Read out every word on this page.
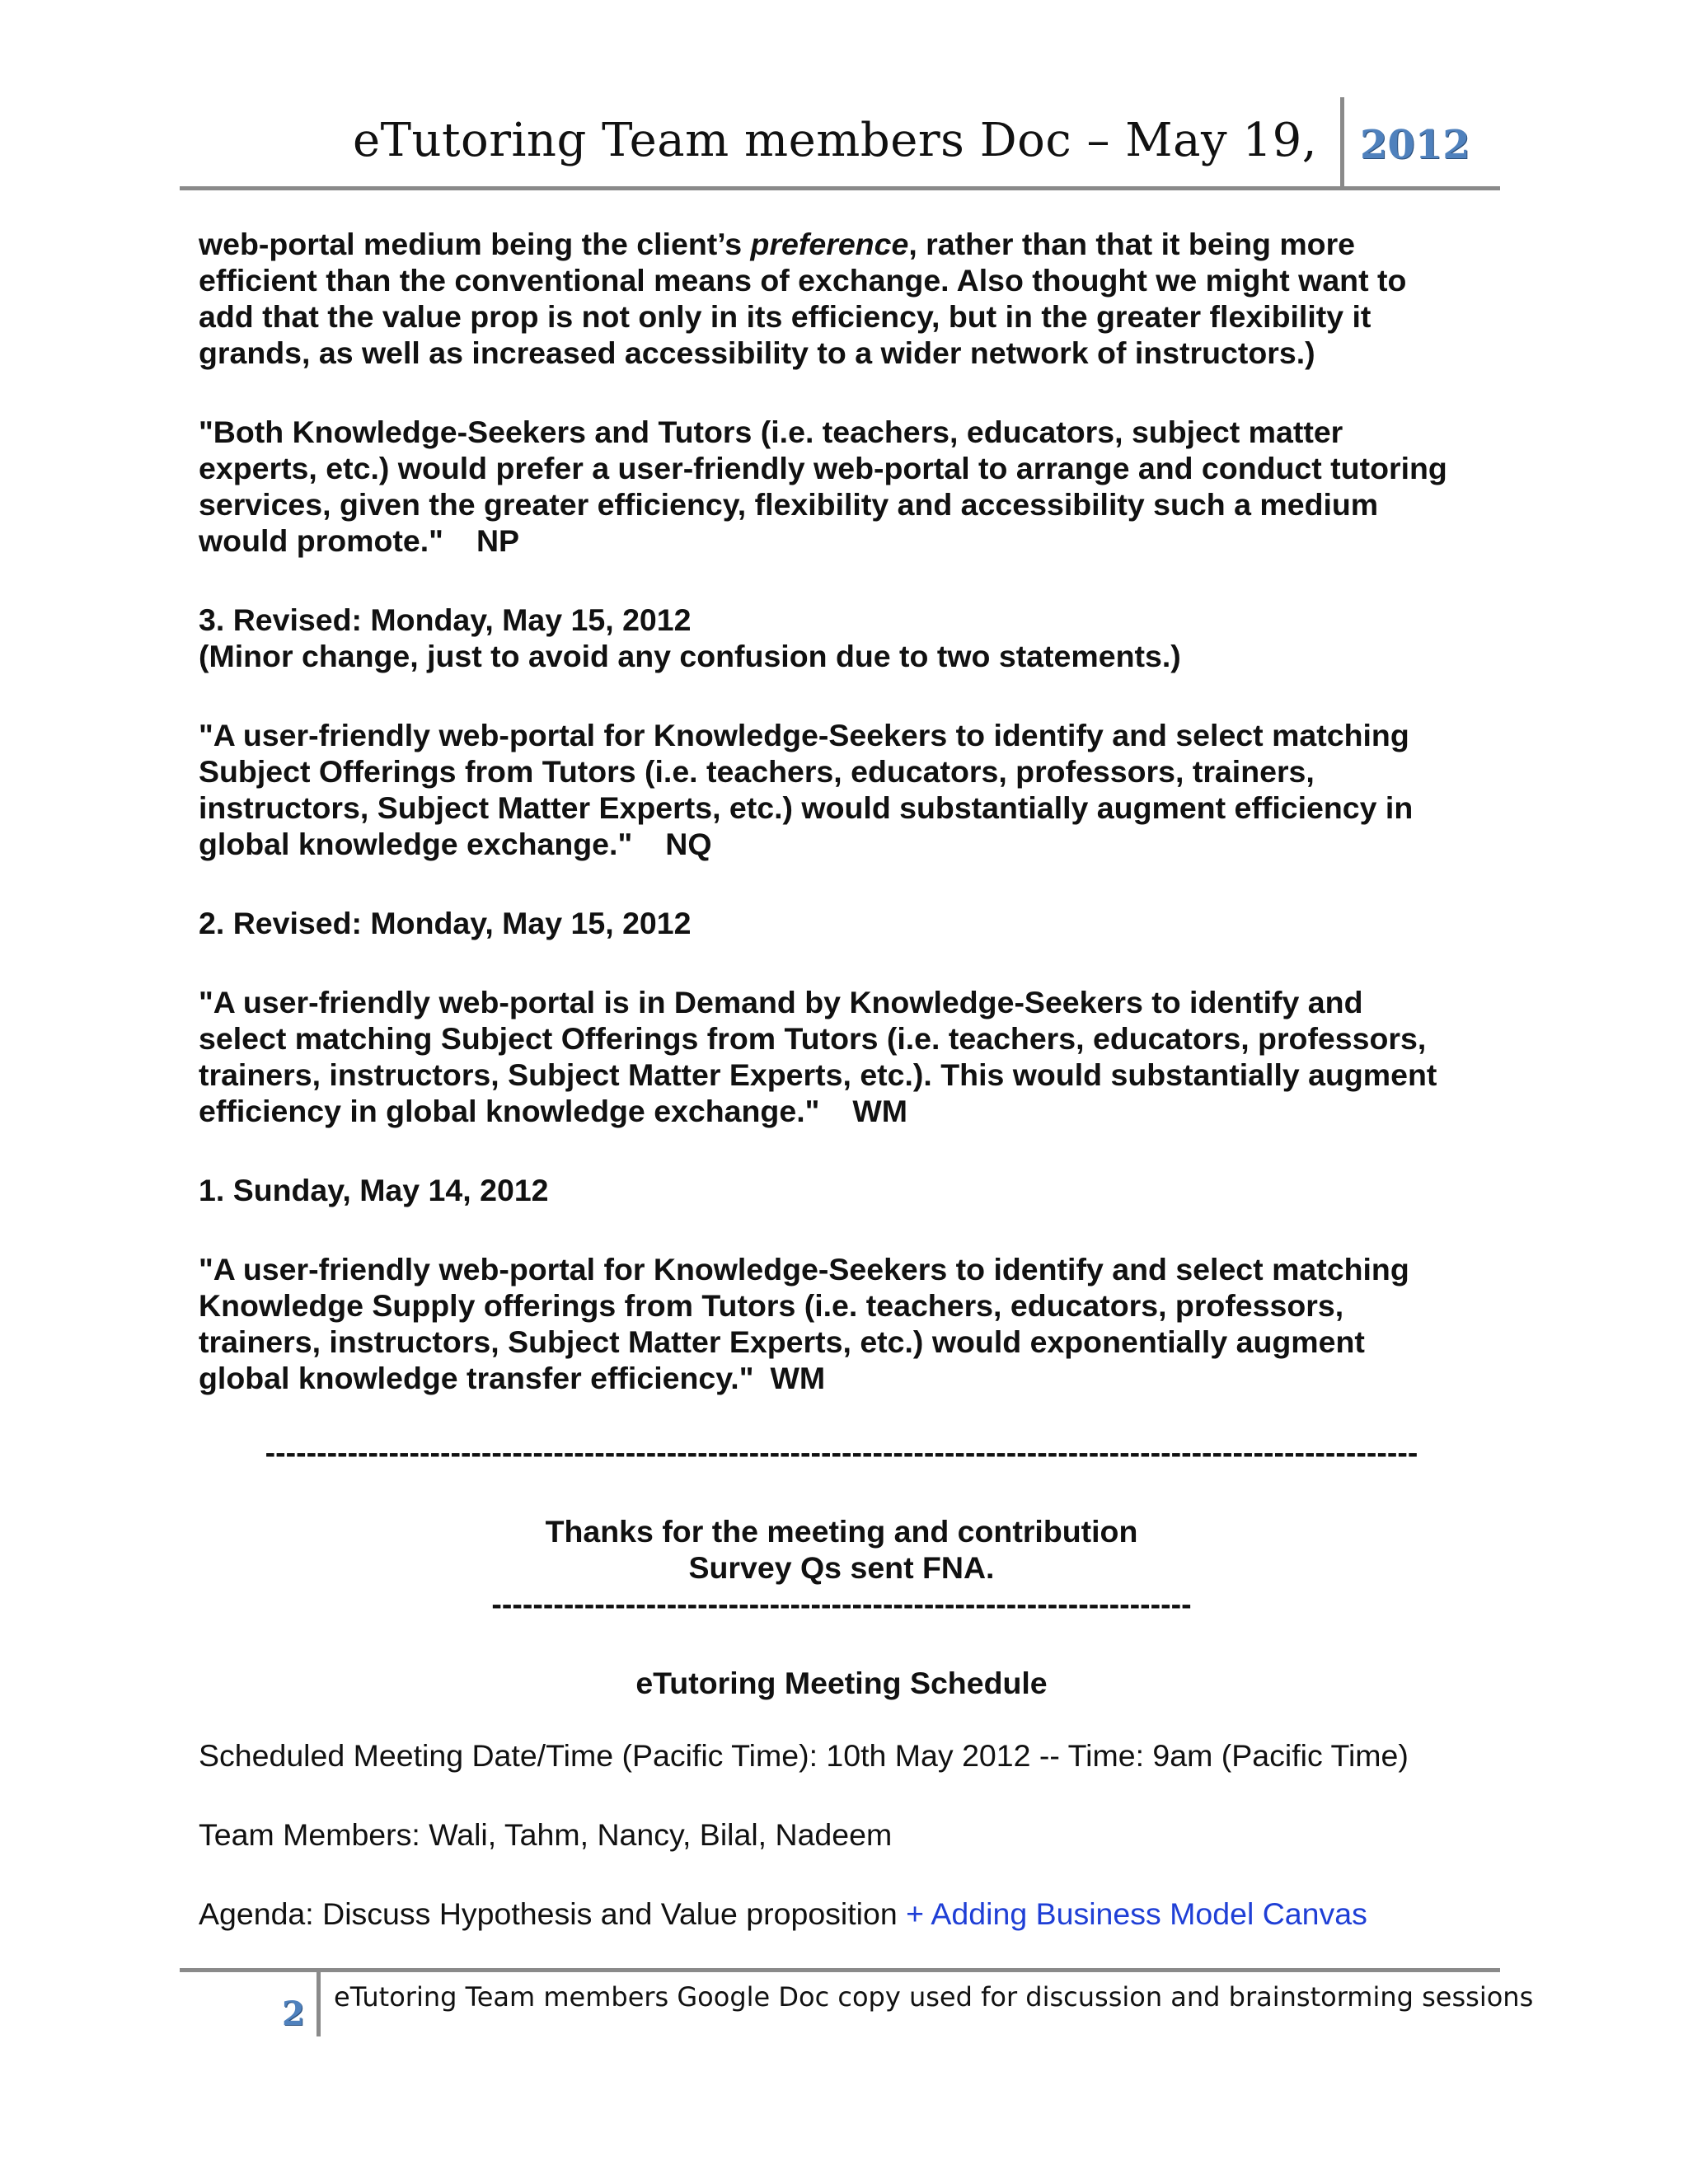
eTutoring Team members Doc – May 19, 2012
web-portal medium being the client’s preference, rather than that it being more
efficient than the conventional means of exchange. Also thought we might want to
add that the value prop is not only in its efficiency, but in the greater flexibility it
grands, as well as increased accessibility to a wider network of instructors.)
"Both Knowledge-Seekers and Tutors (i.e. teachers, educators, subject matter
experts, etc.) would prefer a user-friendly web-portal to arrange and conduct tutoring
services, given the greater efficiency, flexibility and accessibility such a medium
would promote." NP
3. Revised: Monday, May 15, 2012
(Minor change, just to avoid any confusion due to two statements.)
"A user-friendly web-portal for Knowledge-Seekers to identify and select matching
Subject Offerings from Tutors (i.e. teachers, educators, professors, trainers,
instructors, Subject Matter Experts, etc.) would substantially augment efficiency in
global knowledge exchange." NQ
2. Revised: Monday, May 15, 2012
"A user-friendly web-portal is in Demand by Knowledge-Seekers to identify and
select matching Subject Offerings from Tutors (i.e. teachers, educators, professors,
trainers, instructors, Subject Matter Experts, etc.). This would substantially augment
efficiency in global knowledge exchange." WM
1. Sunday, May 14, 2012
"A user-friendly web-portal for Knowledge-Seekers to identify and select matching
Knowledge Supply offerings from Tutors (i.e. teachers, educators, professors,
trainers, instructors, Subject Matter Experts, etc.) would exponentially augment
global knowledge transfer efficiency." WM
----------------------------------------------------------------------------------------------------------------
Thanks for the meeting and contribution
Survey Qs sent FNA.
--------------------------------------------------------------------
eTutoring Meeting Schedule
Scheduled Meeting Date/Time (Pacific Time): 10th May 2012 -- Time: 9am (Pacific Time)
Team Members: Wali, Tahm, Nancy, Bilal, Nadeem
Agenda: Discuss Hypothesis and Value proposition + Adding Business Model Canvas
2 eTutoring Team members Google Doc copy used for discussion and brainstorming sessions
